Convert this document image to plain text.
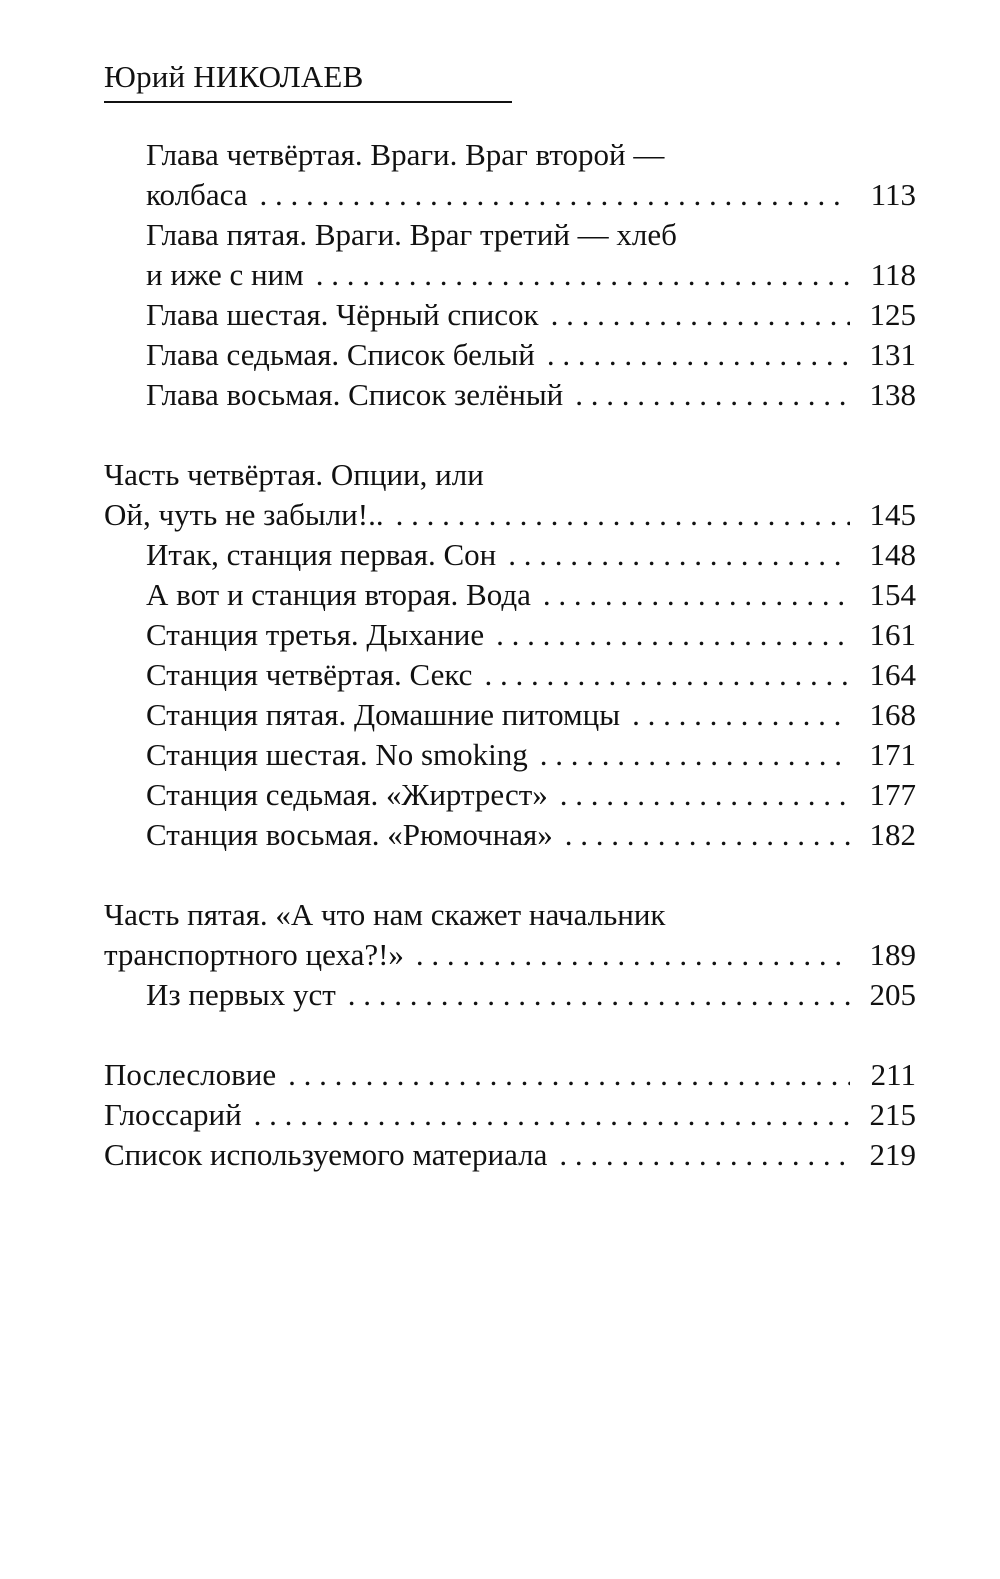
Юрий НИКОЛАЕВ
Глава четвёртая. Враги. Враг второй —
колбаса . . .	113
Глава пятая. Враги. Враг третий — хлеб
и иже с ним . . .	118
Глава шестая. Чёрный список . . .	125
Глава седьмая. Список белый . . .	131
Глава восьмая. Список зелёный . . .	138
Часть четвёртая. Опции, или
Ой, чуть не забыли!.. . . .	145
Итак, станция первая. Сон . . .	148
А вот и станция вторая. Вода . . .	154
Станция третья. Дыхание . . .	161
Станция четвёртая. Секс . . .	164
Станция пятая. Домашние питомцы . . .	168
Станция шестая. No smoking . . .	171
Станция седьмая. «Жиртрест» . . .	177
Станция восьмая. «Рюмочная» . . .	182
Часть пятая. «А что нам скажет начальник
транспортного цеха?!» . . .	189
Из первых уст . . .	205
Послесловие . . .	211
Глоссарий . . .	215
Список используемого материала . . .	219
